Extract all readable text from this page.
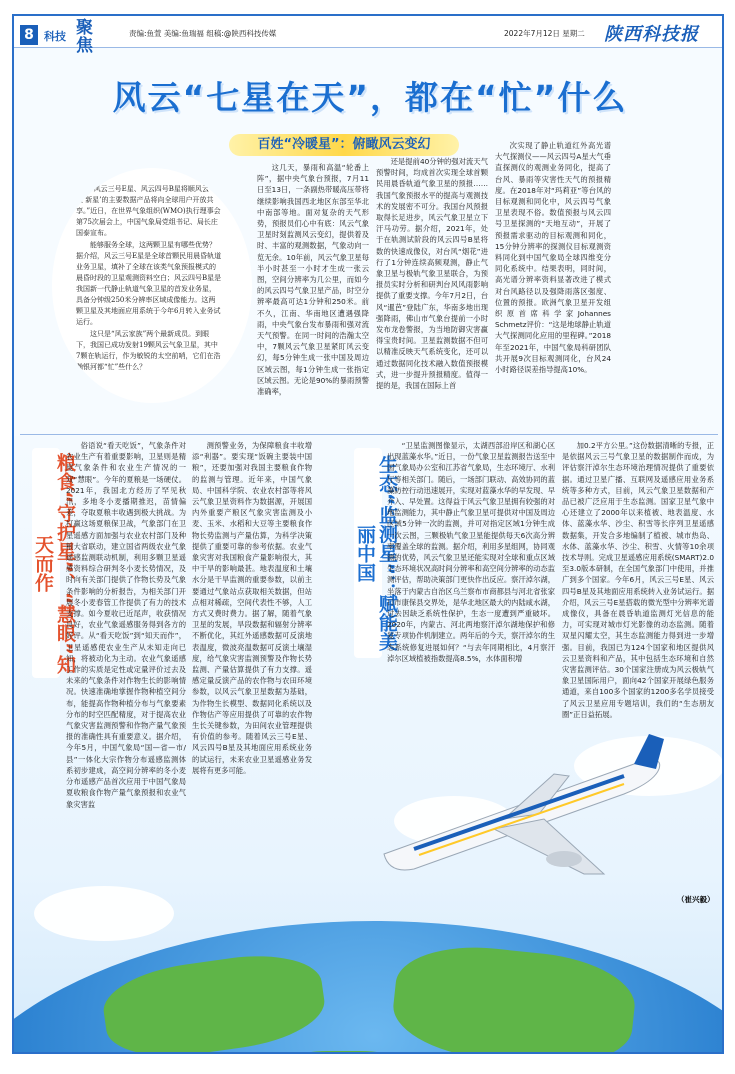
8 科技 聚
焦
责编:鱼萱 美编:鱼瑞福 组稿:@陕西科技传媒	2022年7月12日 星期二 陕西科技报
风云“七星在天”，都在“忙”什么
百姓“冷暖星”：俯瞰风云变幻

“风云三号E星、风云四号B星将顺风云气象‘新星’的主要数据产品将向全球用户开放共享。”近日，在世界气象组织(WMO)执行理事会第75次届会上，中国气象局党组书记、局长庄国泰宣布。

能够服务全球，这两颗卫星有哪些优势？据介绍，风云三号E星是全球首颗民用晨昏轨道业务卫星，填补了全球在该类气象预报模式的晨昏时段的卫星观测资料空白；风云四号B星是我国新一代静止轨道气象卫星的首发业务星，具备分钟级250米分辨率区域成像能力。这两颗卫星及其地面应用系统于今年6月转入业务试运行。

这只是“风云家族”两个最新成员。到眼下，我国已成功发射19颗风云气象卫星，其中7颗在轨运行，作为敏锐的太空前哨，它们在浩瀚银河都“忙”些什么？

这几天，暴雨和高温“轮番上阵”，据中央气象台预报，7月11日至13日，一条副热带暖高压带将继续影响我国西北地区东部至华北中南部等地。面对复杂的天气形势，预报员们心中有底：风云气象卫星时刻监测风云变幻，提供着及时、丰富的观测数据，气象动向一览无余。10年前，风云气象卫星每半小时甚至一小时才生成一张云图，空间分辨率为几公里，而如今的风云四号气象卫星产品，时空分辨率最高可达1分钟和250米。前不久，江南、华南地区遭遇强降雨，中央气象台发布暴雨和强对流天气预警。在同一时间的浩瀚太空中，7颗风云气象卫星紧盯风云变幻，每5分钟生成一张中国及周边区域云图，每1分钟生成一张指定区域云图。无论是90%的暴雨预警准确率，

还是提前40分钟的强对流天气预警时间，均成首次实现全球首颗民用晨昏轨道气象卫星的预报……我国气象预报水平的提高与观测技术的发展密不可分。我国台风预报取得长足进步，风云气象卫星立下汗马功劳。据介绍，2021年，处于在轨测试阶段的风云四号B星将数的快速成像仪，对台风“烟花”进行了1分钟连续高频观测，静止气象卫星与极轨气象卫星联合，为预报员实时分析和研判台风风雨影响提供了重要支撑。今年7月2日，台风“暹芭”登陆广东，华南多地出现强降雨，佛山市气象台提前一小时发布龙卷警报，为当地防御灾害赢得宝贵时间。卫星监测数据不但可以精准反映天气系统变化，还可以通过数据同化技术融入数值预报模式，进一步提升预报精度。值得一提的是，我国在国际上首

次实现了静止轨道红外高光谱大气探测仪——风云四号A星大气垂直探测仪的观测业务同化，提高了台风、暴雨等灾害性天气的预报精度。在2018年对“玛莉亚”等台风的目标观测和同化中，风云四号气象卫星表现不俗。数值预报与风云四号卫星探测的“天地互动”，开展了预报需求驱动的目标观测和同化，15分钟分辨率的探测仪目标观测资料同化到中国气象局全球四维变分同化系统中。结果表明，同时间，高光谱分辨率资料显著改进了模式对台风路径以及强降雨落区强度、位置的预报。欧洲气象卫星开发组织原首席科学家Johannes Schmetz评价：“这是地球静止轨道大气探测同化应用的里程碑。”2018年至2021年，中国气象局科研团队共开展9次目标观测同化，台风24小时路径误差指导提高10%。

粮食“守护星”、“慧眼”知天而作

俗语说“看天吃饭”，气象条件对农业生产有着重要影响，卫星则是精度气象条件和农业生产情况的一双“慧眼”。今年的夏粮是一场硬仗。2021年，我国北方经历了罕见秋汛，多地冬小麦播期推迟，苗情偏差，夺取夏粮丰收遇到极大挑战。为打赢这场夏粮保卫战，气象部门在卫星遥感方面加强与农业农村部门及种粮大省联动，建立国省两级农业气象遥感监测联动机制，利用多颗卫星遥感资料综合研判冬小麦长势情况，及时向有关部门提供了作物长势及气象条件影响的分析报告，为相关部门开展冬小麦春管工作提供了有力的技术支撑。如今夏收已近尾声，收获情况良好，农业气象遥感服务得到各方的好评。从“看天吃饭”到“知天而作”，卫星遥感使农业生产从未知走向已知，将被动化为主动。农业气象遥感工作的实质是定性或定量评价过去及未来的气象条件对作物生长的影响情况。快速准确地掌握作物种植空间分布，能提高作物种植分布与气象要素分布的时空匹配精度，对于提高农业气象灾害监测预警和作物产量气象预报的准确性具有重要意义。据介绍，今年5月，中国气象局“国—省—市/县”一体化大宗作物分布遥感监测体系初步建成，高空间分辨率的冬小麦分布遥感产品首次应用于中国气象局夏收粮食作物产量气象预报和农业气象灾害监

测预警业务，为保障粮食丰收增添“利器”。要实现“饭碗主要装中国粮”，还要加强对我国主要粮食作物的监测与管理。近年来，中国气象局、中国科学院、农业农村部等将风云气象卫星资料作为数据源，开展国内外重要产粮区气象灾害监测及小麦、玉米、水稻和大豆等主要粮食作物长势监测与产量估算，为科学决策提供了重要可靠的参考依据。农业气象灾害对我国粮食产量影响很大，其中干旱的影响最甚。地表温度和土壤水分是干旱监测的重要参数，以前主要通过气象站点获取相关数据，但站点相对稀疏，空间代表性不够，人工方式又费时费力。据了解，随着气象卫星的发展，旱段数据和辐射分辨率不断优化，其红外遥感数据可反演地表温度，微波亮温数据可反演土壤湿度，给气象灾害监测预警及作物长势监测、产量估算提供了有力支撑。遥感定量反演产品的农作物与农田环境参数，以风云气象卫星数据为基础，为作物生长模型、数据同化系统以及作物估产等应用提供了可靠的农作物生长关键参数，为田间农业管理提供有价值的参考。随着风云三号E星、风云四号B星及其地面应用系统业务的试运行，未来农业卫星遥感业务发展将有更多可能。

生态“监测星”：赋能美丽中国

“卫星监测图像显示，太湖西部沿岸区和湖心区出现蓝藻水华。”近日，一份气象卫星监测报告送至中国气象局办公室和江苏省气象局，生态环境厅、水利厅等相关部门。随后，一场部门联动、高效协同的蓝藻防控行动迅速展开，实现对蓝藻水华的早发现、早介入、早处置。这得益于风云气象卫星拥有较强的对地监测能力，其中静止气象卫星可提供对中国及周边区域5分钟一次的监测，并可对指定区域1分钟生成一次云图，三颗极轨气象卫星能提供每天6次高分辨率覆盖全球的监测。据介绍，利用多星组网，协同观测的优势，风云气象卫星还能实现对全球和重点区域生态环境状况高时间分辨率和高空间分辨率的动态监测评估，帮助决策部门更快作出反应。察汗淖尔湖，坐落于内蒙古自治区乌兰察布市商都县与河北省张家口市康保县交界处，是华北地区最大的内陆咸水湖，过去因缺乏系统性保护，生态一度遭到严重破坏。2020年，内蒙古、河北两地察汗淖尔湖地保护和修复专项协作机制建立。两年后的今天，察汗淖尔的生态系统修复进展如何？“与去年同期相比，4月察汗淖尔区域植被指数提高8.5%，水体面积增

加0.2平方公里。”这份数据清晰的专报，正是依据风云三号气象卫星的数据制作而成，为评估察汗淖尔生态环境治理情况提供了重要依据。通过卫星广播、互联网及遥感应用业务系统等多种方式，目前，风云气象卫星数据和产品已被广泛应用于生态监测。国家卫星气象中心还建立了2000年以来植被、地表温度、水体、蓝藻水华、沙尘、积雪等长序列卫星遥感数据集，开发合多地编制了植被、城市热岛、水体、蓝藻水华、沙尘、积雪、火情等10余项技术导则。完成卫星遥感应用系统(SMART)2.0至3.0版本研制，在全国气象部门中使用，并推广到多个国家。今年6月，风云三号E星、风云四号B星及其地面应用系统转入业务试运行。据介绍，风云三号E星搭载的微光型中分辨率光谱成像仪，具备在晨昏轨道监测灯光信息的能力，可实现对城市灯光影像的动态监测。随着双星闪耀太空，其生态监测能力得到进一步增强。目前，我国已为124个国家和地区提供风云卫星资料和产品，其中包括生态环境和自然灾害监测评估。30个国家注册成为风云极轨气象卫星国际用户，面向42个国家开展绿色服务通道，来自100多个国家的1200多名学员接受了风云卫星应用专题培训，我们的“生态朋友圈”正日益拓展。

（崔兴毅）
